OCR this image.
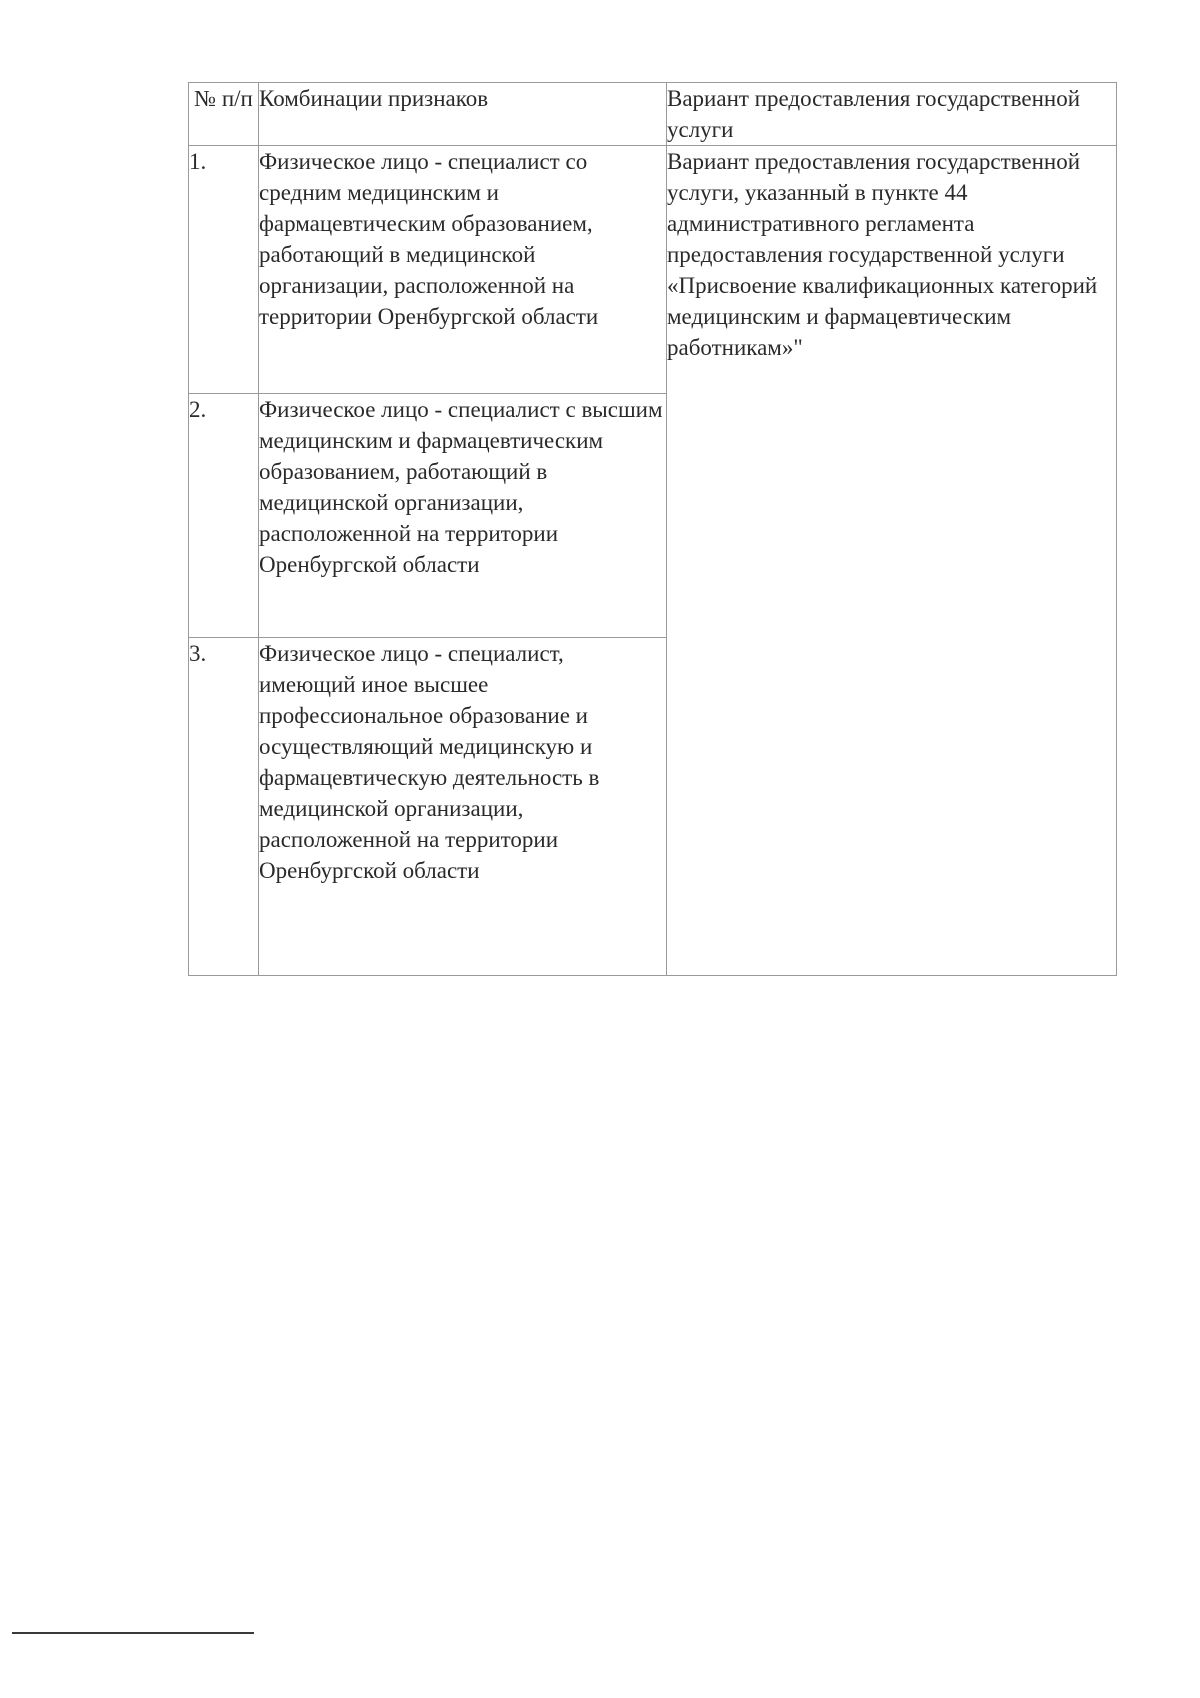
№ п/п	Комбинации признаков	Вариант предоставления государственной услуги

1.	Физическое лицо - специалист со средним медицинским и фармацевтическим образованием, работающий в медицинской организации, расположенной на территории Оренбургской области	Вариант предоставления государственной услуги, указанный в пункте 44 административного регламента предоставления государственной услуги «Присвоение квалификационных категорий медицинским и фармацевтическим работникам»"

2.	Физическое лицо - специалист с высшим медицинским и фармацевтическим образованием, работающий в медицинской организации, расположенной на территории Оренбургской области	

3.	Физическое лицо - специалист, имеющий иное высшее профессиональное образование и осуществляющий медицинскую и фармацевтическую деятельность в медицинской организации, расположенной на территории Оренбургской области	
